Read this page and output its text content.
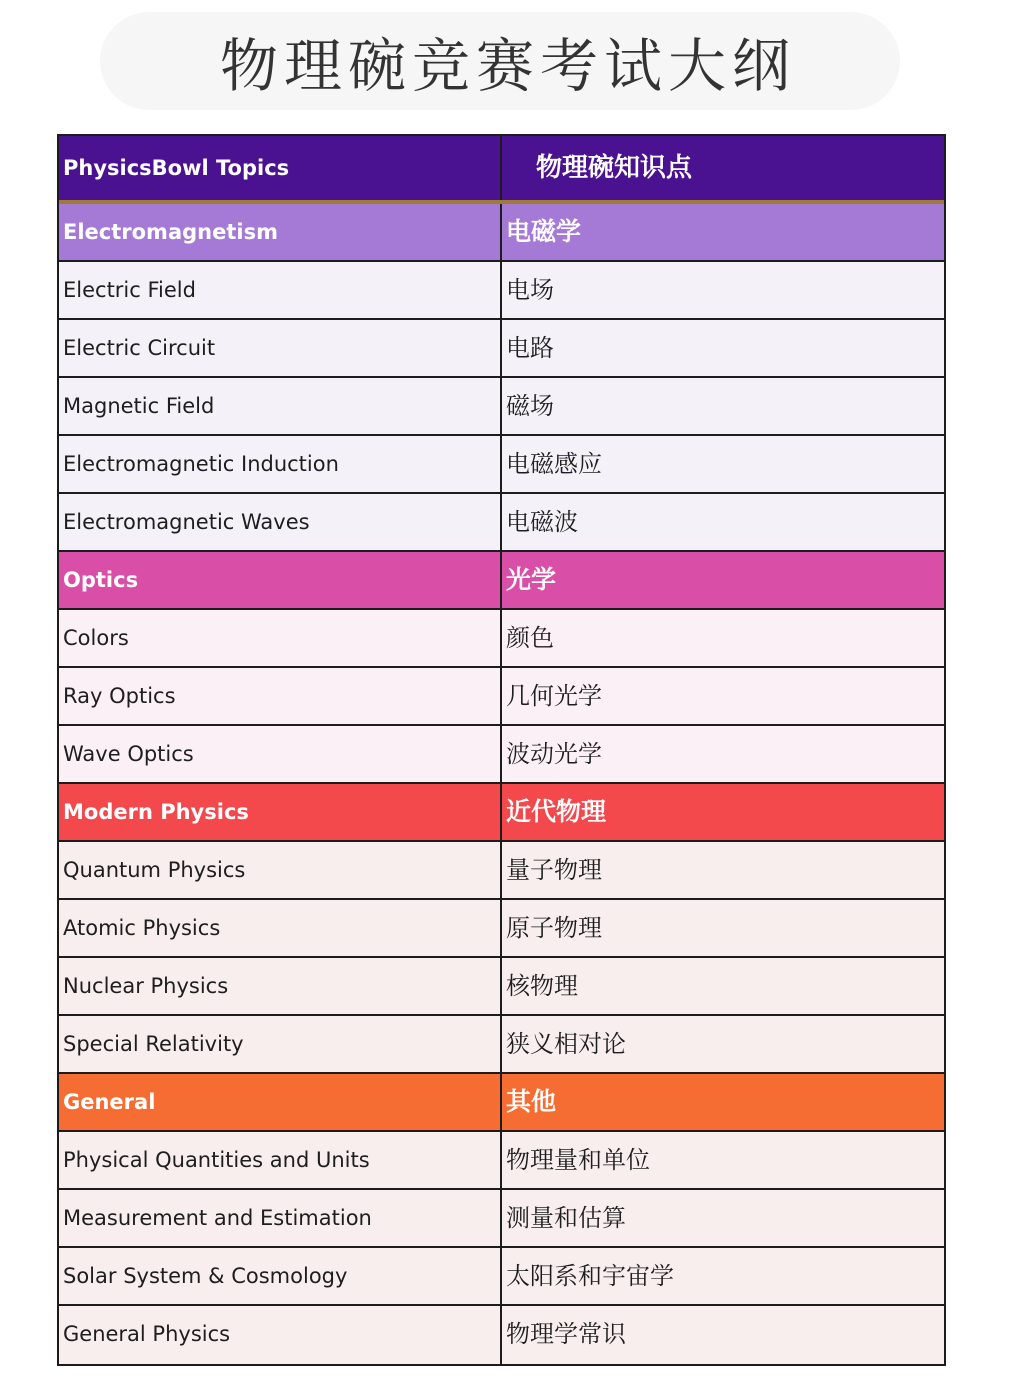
物理碗竞赛考试大纲
PhysicsBowl Topics	物理碗知识点
Electromagnetism	电磁学
Electric Field	电场
Electric Circuit	电路
Magnetic Field	磁场
Electromagnetic Induction	电磁感应
Electromagnetic Waves	电磁波
Optics	光学
Colors	颜色
Ray Optics	几何光学
Wave Optics	波动光学
Modern Physics	近代物理
Quantum Physics	量子物理
Atomic Physics	原子物理
Nuclear Physics	核物理
Special Relativity	狭义相对论
General	其他
Physical Quantities and Units	物理量和单位
Measurement and Estimation	测量和估算
Solar System & Cosmology	太阳系和宇宙学
General Physics	物理学常识
